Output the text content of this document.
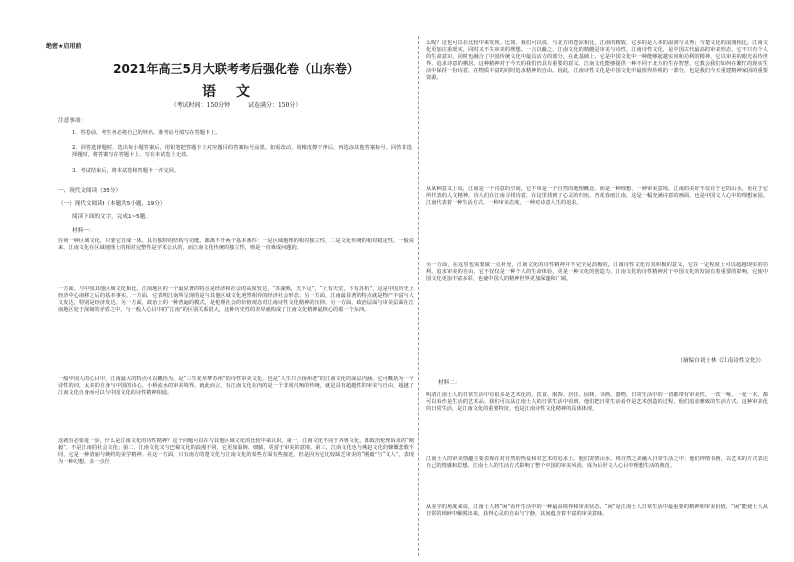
绝密★启用前
2021年高三5月大联考考后强化卷（山东卷）
语文
（考试时间：150分钟	试卷满分：150分）
注意事项：
1．答卷前，考生务必将自己的姓名、准考证号填写在答题卡上。
2．回答选择题时，选出每小题答案后，用铅笔把答题卡上对应题目的答案标号涂黑。如需改动，用橡皮擦干净后，再选涂其他答案标号。回答非选择题时，将答案写在答题卡上。写在本试卷上无效。
3．考试结束后，将本试卷和答题卡一并交回。
一、现代文阅读（35分）
（一）现代文阅读Ⅰ（本题共5小题，19分）
阅读下面的文字，完成1~5题。
材料一：
任何一种区域文化，只要它自成一体，具有独特的结构与功能，都离不开两个基本条件：一是区域地理的相对独立性，二是文化传统的相对稳定性。一般说来，江南文化在区域地理上的相对完整性是学术公认的，而江南文化传统的独立性，则是一直难成问题的。
一方面，与中国其他区域文化相比，江南地区的一个最显著的特点是经济和社会的高度发达，“苏湖熟，天下足”，“上有天堂，下有苏杭”，这是中国历史上经济中心南移之后的基本事实。一方面，它表明江南所呈现的是与其他区域文化迥然相异的经济社会形态；另一方面，江南最显著的特点就是物产丰富与人文发达，特别是经济发达。另一方面，政治上的一种普遍的模式，是伦理社会的价值观念对江南诗性文化精神的压抑。另一方面，政治层面与审美层面在江南地区处于深刻的矛盾之中，与一般人心目中的“江南”的区别关系很大，这种历史性的差异就构成了江南文化精神最核心的那一个东西。
一般中国人的心目中，江南最大的特点可以概括为，是“三生花草梦苏州”的诗性审美文化，也是“人生只合扬州老”的江南文化的深层内涵。它可概括为一个诗性的词，太美的自身与中国的诗心，小桥流水的审美境界。就此而言，有江南文化在内的是一个非同凡响的传统，就是具有超越性的审美与自由，超越了江南文化自身而可以与中国文化的诗性精神相通。
这就有必要进一步，什么是江南文化的诗性精神？这个问题可以在与其他区域文化的比较中来认识。第一，江南文化不同于齐鲁文化，即政治伦理诉求的“刚毅”，不是江南的社会文化；第二，江南文化又与巴蜀文化的浪漫不同，它更加温婉、细腻，更富于审美的意境。第三，江南文化也与燕赵文化的慷慨悲歌不同，它是一种清丽与婉约的美学精神。在这一方面，只有南方的楚文化与江南文化的某些方面有些接近，但是因为它比较缺乏审美的“刚毅”与“文人”，表现为一种幻想。多一点什
么呢？这也可以在比较中来发现。比如，我们可以说，与北方的苍凉相比，江南的精致，它多的是人本的温润与灵秀；与楚文化的浪漫相比，江南文化更加注重现实，同时又不失审美的理想。一言以蔽之，江南文化的精髓是审美与诗性。江南诗性文化，是中国古代最高的审美形态，它不只有个人的生命意识，同时也融合了中国传统文化中最具活力的部分。在此基础上，它是中国文化中一种能够超越实用和功利的精神，它以审美的眼光看待世界，追求诗意的栖居。这种精神对于今天的我们仍具有重要的意义，江南文化能够提供一种不同于北方的生存智慧，它教会我们如何在繁忙的现实生活中保持一份诗意，在物质丰富的同时追求精神的自由。因此，江南诗性文化是中国文化中最值得珍视的一部分，也是我们今天重建精神家园的重要资源。
从某种意义上说，江南是一个诗意的空间，它不单是一个自然的地理概念，而是一种理想、一种审美意境。江南的美好不仅在于它的山水，更在于它所代表的人文精神。诗人们在江南寻找诗意，在这里找到了心灵的归宿。杏花春雨江南，这是一幅充满诗意的画面，也是中国文人心中的理想家园。江南代表着一种生活方式，一种审美态度，一种对诗意人生的追求。
另一方面，在这里也需要做一点补充，江南文化的诗性精神并不完全是消极的。江南诗性文化有其积极的意义，它在一定程度上可以超越现实的功利，追求审美的自由，它不仅仅是一种个人的生命体验，更是一种文化的创造力。江南文化的诗性精神对于中国文化的发展有着重要的影响，它使中国文化更加丰富多彩，也使中国人的精神世界更加深邃和广阔。
（摘编自刘士林《江南诗性文化》）
材料二：
明清江南士人的日常生活中有很多是艺术化的，饮食、服饰、居住、园林、书画、器物，日常生活中的一切都带有审美性。一饮一啄，一花一木，都可以看作是生活的艺术品。我们可以从江南士人的日常生活中看到，他们把日常生活看作是艺术创造的过程，他们追求雅致的生活方式。这种审美化的日常生活，是江南文化的重要特征，也是江南诗性文化精神的具体体现。
江南士人的审美情趣主要表现在对自然的热爱和对艺术的追求上。他们寄情山水，将自然之美融入日常生活之中；他们钟情书画，以艺术的方式表达自己的情感和思想。江南士人的生活方式影响了整个中国的审美风尚，成为后世文人心目中理想生活的典范。
从美学的角度来说，江南士人将“闲”看作生活中的一种最高境界和审美状态。“闲”是江南士人日常生活中最重要的精神和审美价值，“闲”能使士人从日常的琐碎中解脱出来，获得心灵的自由与宁静，其间蕴含着丰富的审美意味。
